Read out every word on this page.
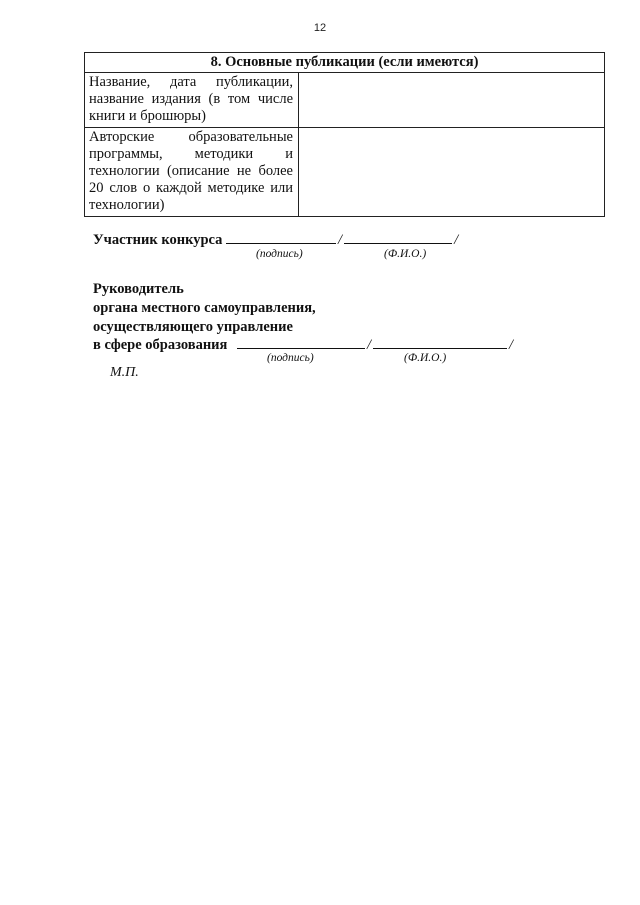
12
8. Основные публикации (если имеются)	
Название, дата публикации, название издания (в том числе книги и брошюры)	
Авторские образовательные программы, методики и технологии (описание не более 20 слов о каждой методике или технологии)	
Участник конкурса	/	/
(подпись)	(Ф.И.О.)
Руководитель
органа местного самоуправления,
осуществляющего управление
в сфере образования	/	/
(подпись)	(Ф.И.О.)
М.П.
